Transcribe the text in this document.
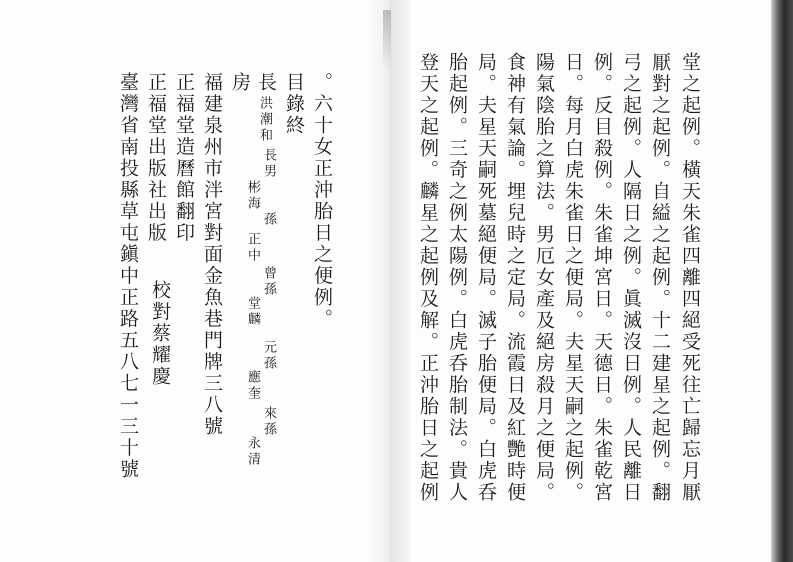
堂之起例。橫天朱雀四離四絕受死往亡歸忘月厭
厭對之起例。自縊之起例。十二建星之起例。翻
弓之起例。人隔日之例。眞滅沒日例。人民離日
例。反目殺例。朱雀坤宮日。天德日。朱雀乾宮
日。每月白虎朱雀日之便局。夫星天嗣之起例。
陽氣陰胎之算法。男厄女產及絕房殺月之便局。
食神有氣論。埋兒時之定局。流霞日及紅艷時便
局。夫星天嗣死墓絕便局。滅子胎便局。白虎呑
胎起例。三奇之例太陽例。白虎呑胎制法。貴人
登天之起例。麟星之起例及解。正沖胎日之起例
。六十女正沖胎日之便例。
目錄終
長
房
洪潮和
長男
彬海
孫
正中
曾孫
堂麟
元孫
應奎
來孫
永清
福建泉州市泮宮對面金魚巷門牌三八號
正福堂造曆館翻印
正福堂出版社出版
校對蔡耀慶
臺灣省南投縣草屯鎭中正路五八七一三十號
